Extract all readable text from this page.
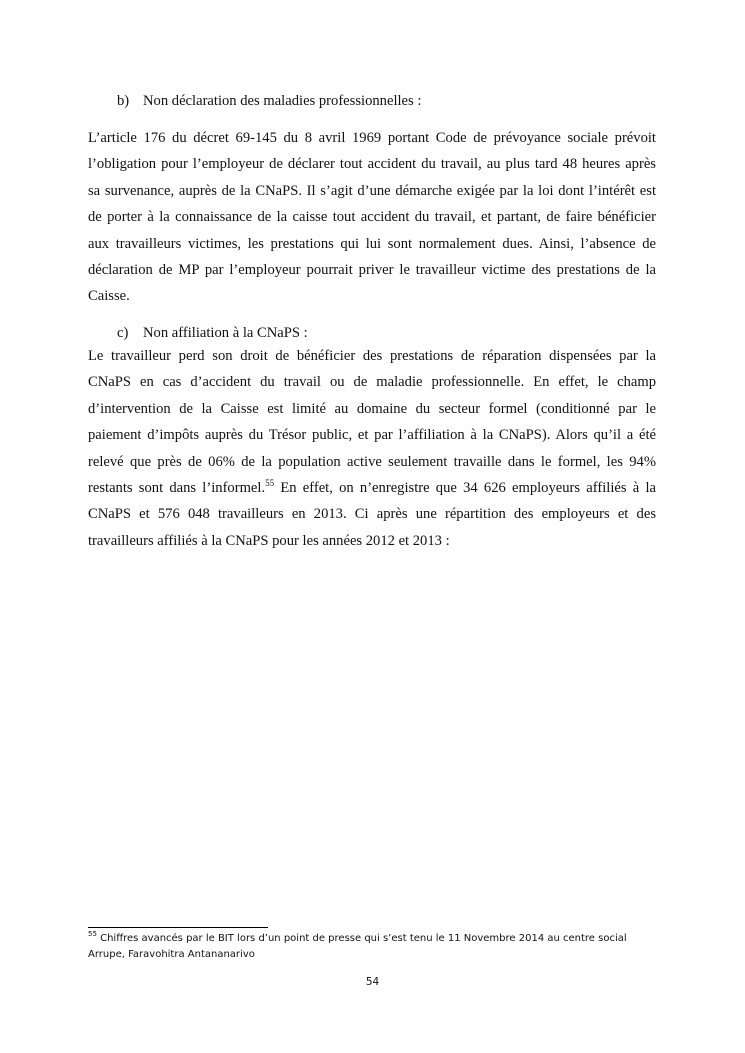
b) Non déclaration des maladies professionnelles :
L’article 176 du décret 69-145 du 8 avril 1969 portant Code de prévoyance sociale prévoit
l’obligation pour l’employeur de déclarer tout accident du travail, au plus tard 48 heures après
sa survenance, auprès de la CNaPS. Il s’agit d’une démarche exigée par la loi dont l’intérêt est
de porter à la connaissance de la caisse tout accident du travail, et partant, de faire bénéficier
aux travailleurs victimes, les prestations qui lui sont normalement dues. Ainsi, l’absence de
déclaration de MP par l’employeur pourrait priver le travailleur victime des prestations de la
Caisse.
c) Non affiliation à la CNaPS :
Le travailleur perd son droit de bénéficier des prestations de réparation dispensées par la
CNaPS en cas d’accident du travail ou de maladie professionnelle. En effet, le champ
d’intervention de la Caisse est limité au domaine du secteur formel (conditionné par le
paiement d’impôts auprès du Trésor public, et par l’affiliation à la CNaPS). Alors qu’il a été
relevé que près de 06% de la population active seulement travaille dans le formel, les 94%
restants sont dans l’informel.$^{55}$ En effet, on n’enregistre que 34 626 employeurs affiliés à la
CNaPS et 576 048 travailleurs en 2013. Ci après une répartition des employeurs et des
travailleurs affiliés à la CNaPS pour les années 2012 et 2013 :

$^{55}$ Chiffres avancés par le BIT lors d’un point de presse qui s’est tenu le 11 Novembre 2014 au centre social
Arrupe, Faravohitra Antananarivo

54
